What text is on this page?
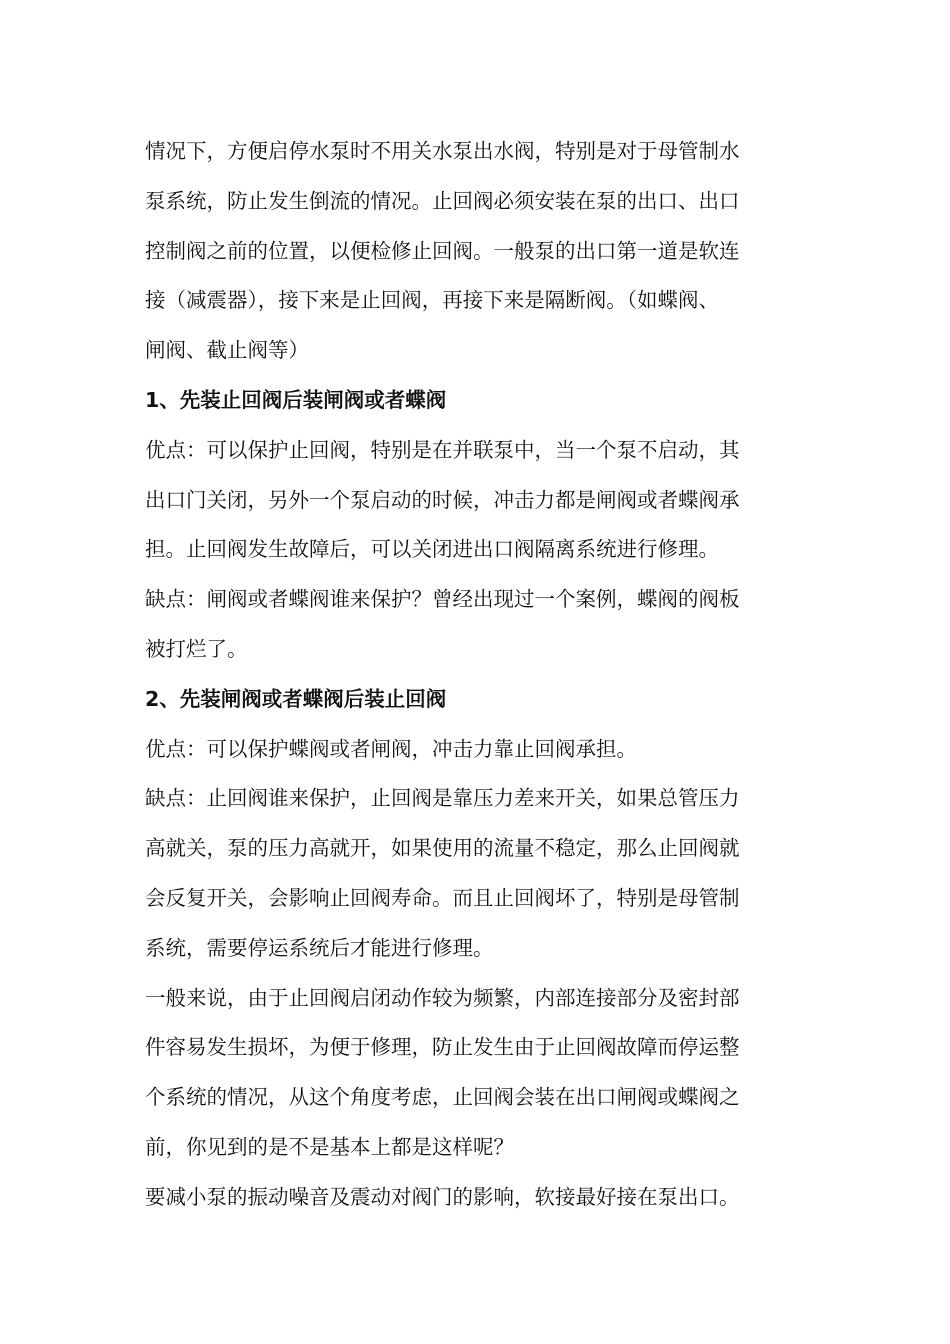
情况下，方便启停水泵时不用关水泵出水阀，特别是对于母管制水
泵系统，防止发生倒流的情况。止回阀必须安装在泵的出口、出口
控制阀之前的位置，以便检修止回阀。一般泵的出口第一道是软连
接（减震器），接下来是止回阀，再接下来是隔断阀。（如蝶阀、
闸阀、截止阀等）
1、先装止回阀后装闸阀或者蝶阀
优点：可以保护止回阀，特别是在并联泵中，当一个泵不启动，其
出口门关闭，另外一个泵启动的时候，冲击力都是闸阀或者蝶阀承
担。止回阀发生故障后，可以关闭进出口阀隔离系统进行修理。
缺点：闸阀或者蝶阀谁来保护？曾经出现过一个案例，蝶阀的阀板
被打烂了。
2、先装闸阀或者蝶阀后装止回阀
优点：可以保护蝶阀或者闸阀，冲击力靠止回阀承担。
缺点：止回阀谁来保护，止回阀是靠压力差来开关，如果总管压力
高就关，泵的压力高就开，如果使用的流量不稳定，那么止回阀就
会反复开关，会影响止回阀寿命。而且止回阀坏了，特别是母管制
系统，需要停运系统后才能进行修理。
一般来说，由于止回阀启闭动作较为频繁，内部连接部分及密封部
件容易发生损坏，为便于修理，防止发生由于止回阀故障而停运整
个系统的情况，从这个角度考虑，止回阀会装在出口闸阀或蝶阀之
前，你见到的是不是基本上都是这样呢？
要减小泵的振动噪音及震动对阀门的影响，软接最好接在泵出口。
